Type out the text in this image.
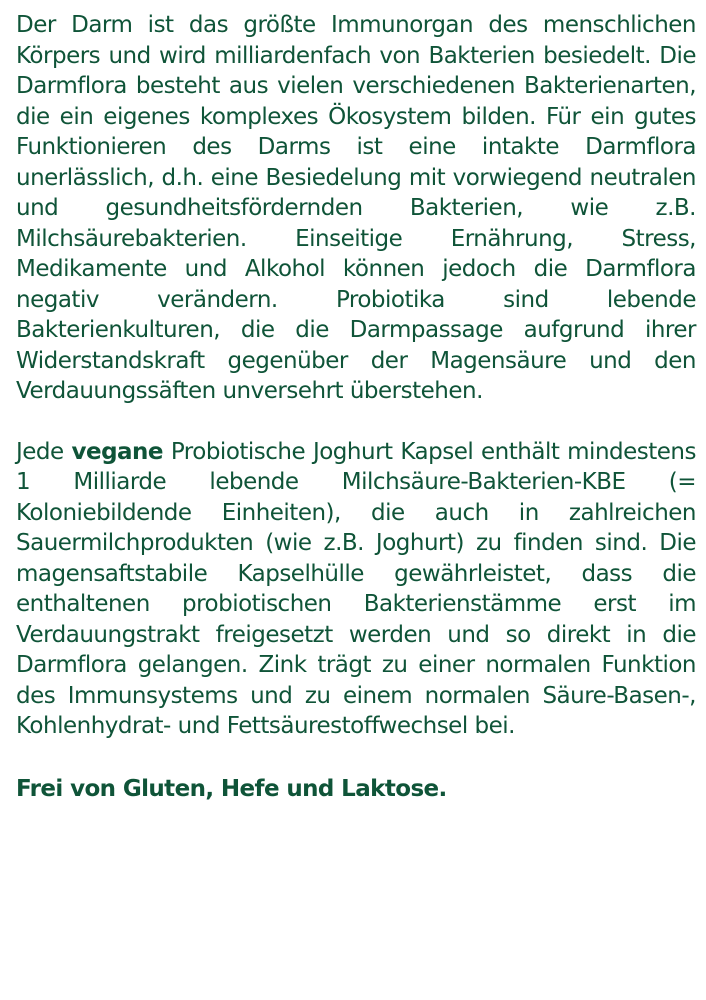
Der Darm ist das größte Immunorgan des menschlichen Körpers und wird milliardenfach von Bakterien besiedelt. Die Darmflora besteht aus vielen verschiedenen Bakterienarten, die ein eigenes komplexes Ökosystem bilden. Für ein gutes Funktionieren des Darms ist eine intakte Darmflora unerlässlich, d.h. eine Besiedelung mit vorwiegend neutralen und gesundheitsfördernden Bakterien, wie z.B. Milchsäurebakterien. Einseitige Ernährung, Stress, Medikamente und Alkohol können jedoch die Darmflora negativ verändern. Probiotika sind lebende Bakterienkulturen, die die Darmpassage aufgrund ihrer Widerstandskraft gegenüber der Magensäure und den Verdauungssäften unversehrt überstehen.

Jede vegane Probiotische Joghurt Kapsel enthält mindestens 1 Milliarde lebende Milchsäure-Bakterien-KBE (= Koloniebildende Einheiten), die auch in zahlreichen Sauermilchprodukten (wie z.B. Joghurt) zu finden sind. Die magensaftstabile Kapselhülle gewährleistet, dass die enthaltenen probiotischen Bakterienstämme erst im Verdauungstrakt freigesetzt werden und so direkt in die Darmflora gelangen. Zink trägt zu einer normalen Funktion des Immunsystems und zu einem normalen Säure-Basen-, Kohlenhydrat- und Fettsäurestoffwechsel bei.

Frei von Gluten, Hefe und Laktose.
